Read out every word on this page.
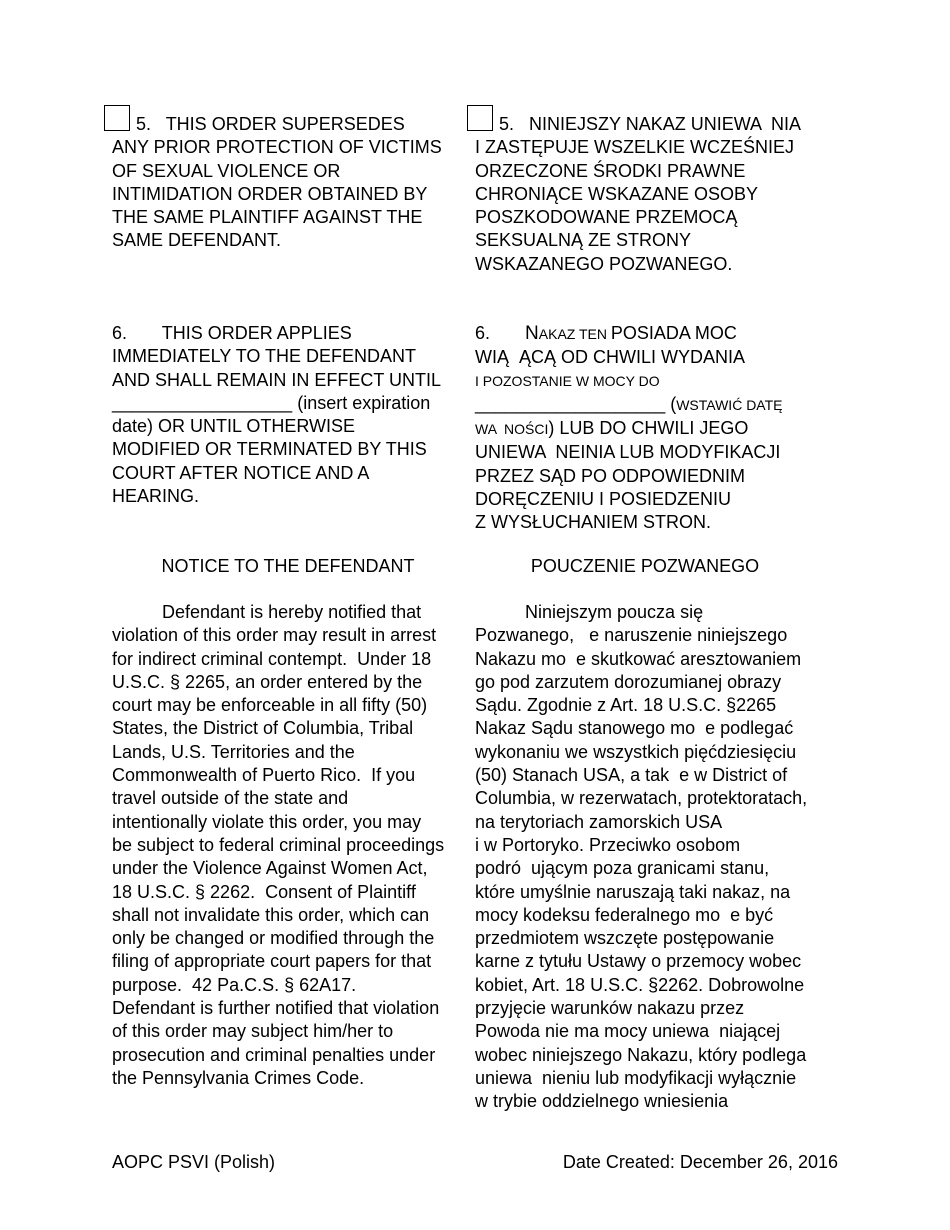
5.   THIS ORDER SUPERSEDES
ANY PRIOR PROTECTION OF VICTIMS
OF SEXUAL VIOLENCE OR
INTIMIDATION ORDER OBTAINED BY
THE SAME PLAINTIFF AGAINST THE
SAME DEFENDANT.
6.       THIS ORDER APPLIES
IMMEDIATELY TO THE DEFENDANT
AND SHALL REMAIN IN EFFECT UNTIL
__________________ (insert expiration
date) OR UNTIL OTHERWISE
MODIFIED OR TERMINATED BY THIS
COURT AFTER NOTICE AND A
HEARING.
NOTICE TO THE DEFENDANT
Defendant is hereby notified that
violation of this order may result in arrest
for indirect criminal contempt.  Under 18
U.S.C. § 2265, an order entered by the
court may be enforceable in all fifty (50)
States, the District of Columbia, Tribal
Lands, U.S. Territories and the
Commonwealth of Puerto Rico.  If you
travel outside of the state and
intentionally violate this order, you may
be subject to federal criminal proceedings
under the Violence Against Women Act,
18 U.S.C. § 2262.  Consent of Plaintiff
shall not invalidate this order, which can
only be changed or modified through the
filing of appropriate court papers for that
purpose.  42 Pa.C.S. § 62A17.
Defendant is further notified that violation
of this order may subject him/her to
prosecution and criminal penalties under
the Pennsylvania Crimes Code.
5.   NINIEJSZY NAKAZ UNIEWA  NIA
I ZASTĘPUJE WSZELKIE WCZEŚNIEJ
ORZECZONE ŚRODKI PRAWNE
CHRONIĄCE WSKAZANE OSOBY
POSZKODOWANE PRZEMOCĄ
SEKSUALNĄ ZE STRONY
WSKAZANEGO POZWANEGO.
6.       NAKAZ TEN POSIADA MOC
WIĄ  ĄCĄ OD CHWILI WYDANIA
I POZOSTANIE W MOCY DO
___________________ (WSTAWIĆ DATĘ
WA  NOŚCI) LUB DO CHWILI JEGO
UNIEWA  NEINIA LUB MODYFIKACJI
PRZEZ SĄD PO ODPOWIEDNIM
DORĘCZENIU I POSIEDZENIU
Z WYSŁUCHANIEM STRON.
POUCZENIE POZWANEGO
Niniejszym poucza się
Pozwanego,   e naruszenie niniejszego
Nakazu mo  e skutkować aresztowaniem
go pod zarzutem dorozumianej obrazy
Sądu. Zgodnie z Art. 18 U.S.C. §2265
Nakaz Sądu stanowego mo  e podlegać
wykonaniu we wszystkich pięćdziesięciu
(50) Stanach USA, a tak  e w District of
Columbia, w rezerwatach, protektoratach,
na terytoriach zamorskich USA
i w Portoryko. Przeciwko osobom
podró  ującym poza granicami stanu,
które umyślnie naruszają taki nakaz, na
mocy kodeksu federalnego mo  e być
przedmiotem wszczęte postępowanie
karne z tytułu Ustawy o przemocy wobec
kobiet, Art. 18 U.S.C. §2262. Dobrowolne
przyjęcie warunków nakazu przez
Powoda nie ma mocy uniewa  niającej
wobec niniejszego Nakazu, który podlega
uniewa  nieniu lub modyfikacji wyłącznie
w trybie oddzielnego wniesienia
AOPC PSVI (Polish)	Date Created: December 26, 2016
